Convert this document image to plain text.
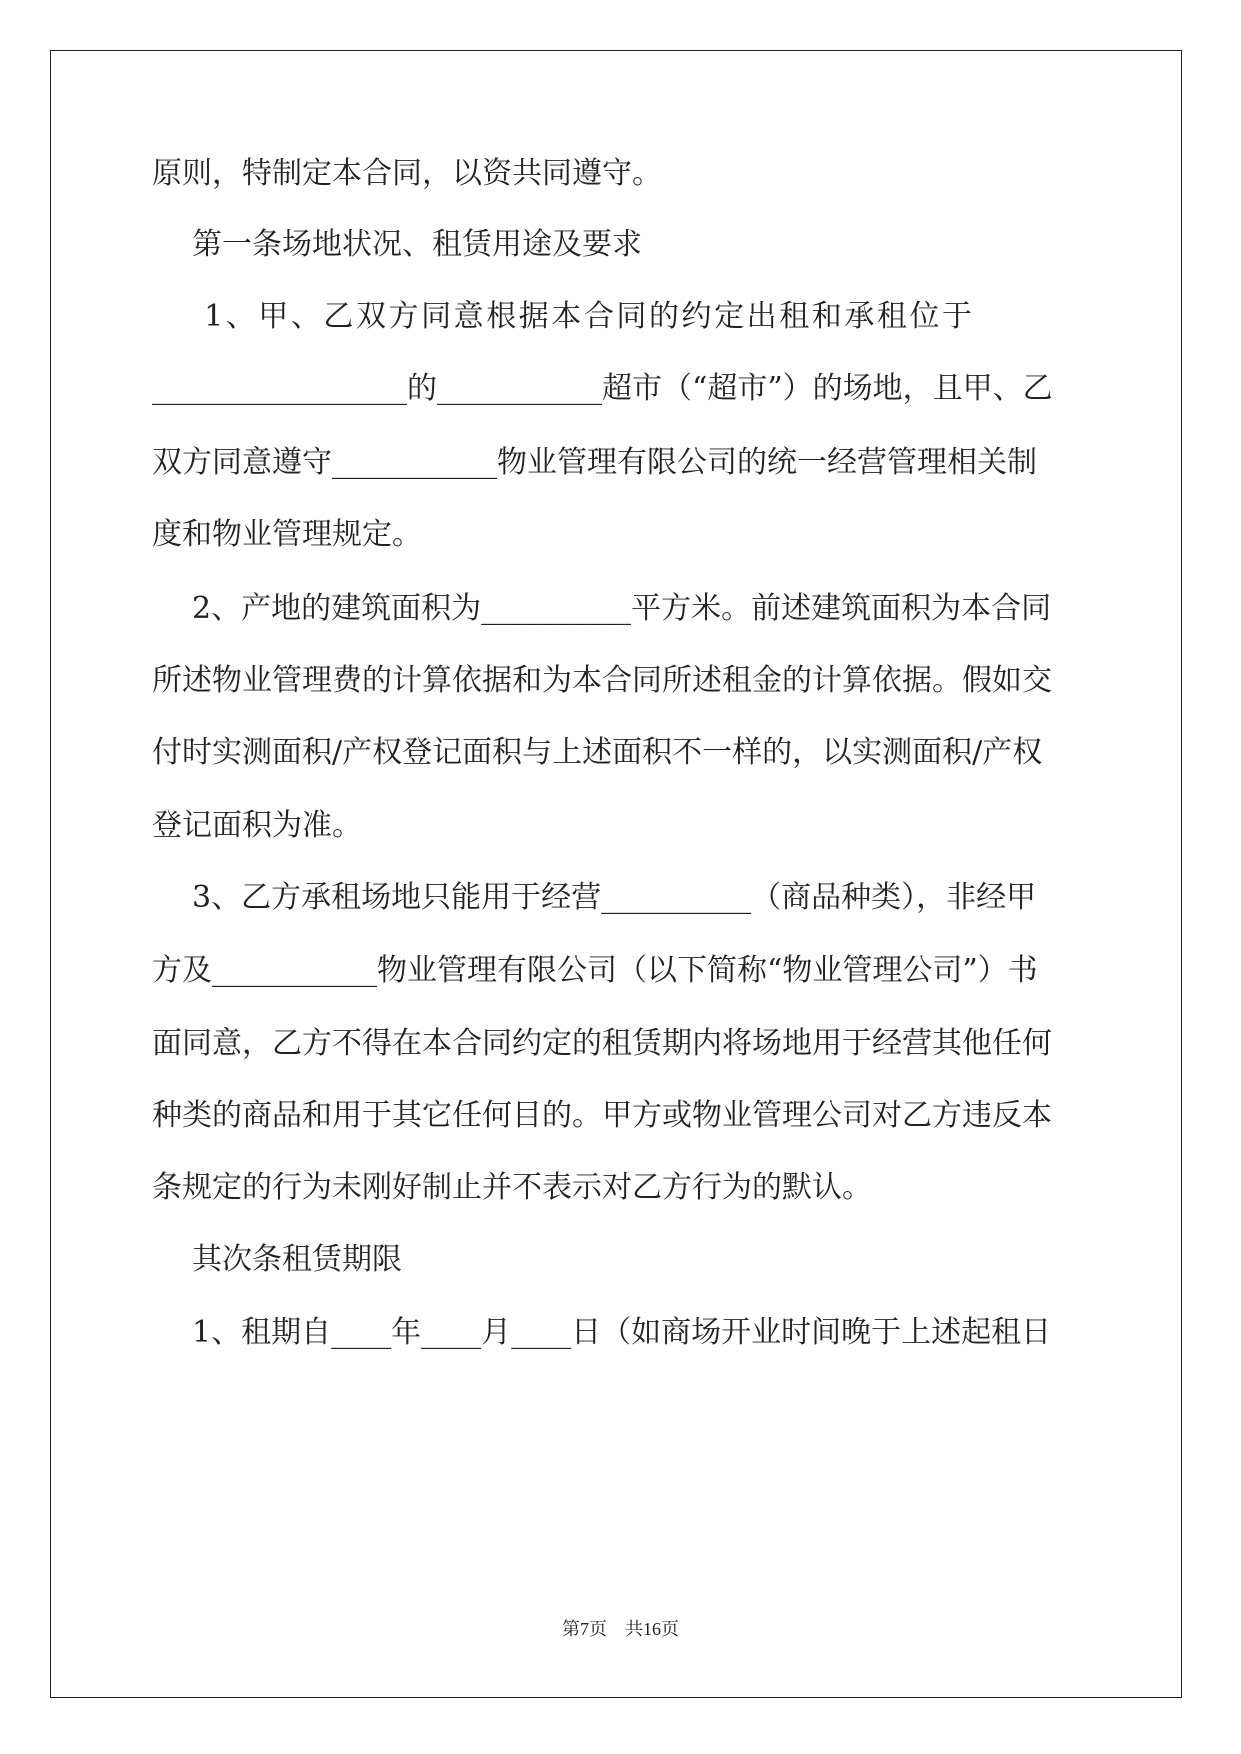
原则，特制定本合同，以资共同遵守。
第一条场地状况、租赁用途及要求
1、甲、乙双方同意根据本合同的约定出租和承租位于
_________________的___________超市（“超市”）的场地，且甲、乙
双方同意遵守___________物业管理有限公司的统一经营管理相关制
度和物业管理规定。
2、产地的建筑面积为__________平方米。前述建筑面积为本合同
所述物业管理费的计算依据和为本合同所述租金的计算依据。假如交
付时实测面积/产权登记面积与上述面积不一样的，以实测面积/产权
登记面积为准。
3、乙方承租场地只能用于经营__________（商品种类），非经甲
方及___________物业管理有限公司（以下简称“物业管理公司”）书
面同意，乙方不得在本合同约定的租赁期内将场地用于经营其他任何
种类的商品和用于其它任何目的。甲方或物业管理公司对乙方违反本
条规定的行为未刚好制止并不表示对乙方行为的默认。
其次条租赁期限
1、租期自____年____月____日（如商场开业时间晚于上述起租日
第7页　共16页
